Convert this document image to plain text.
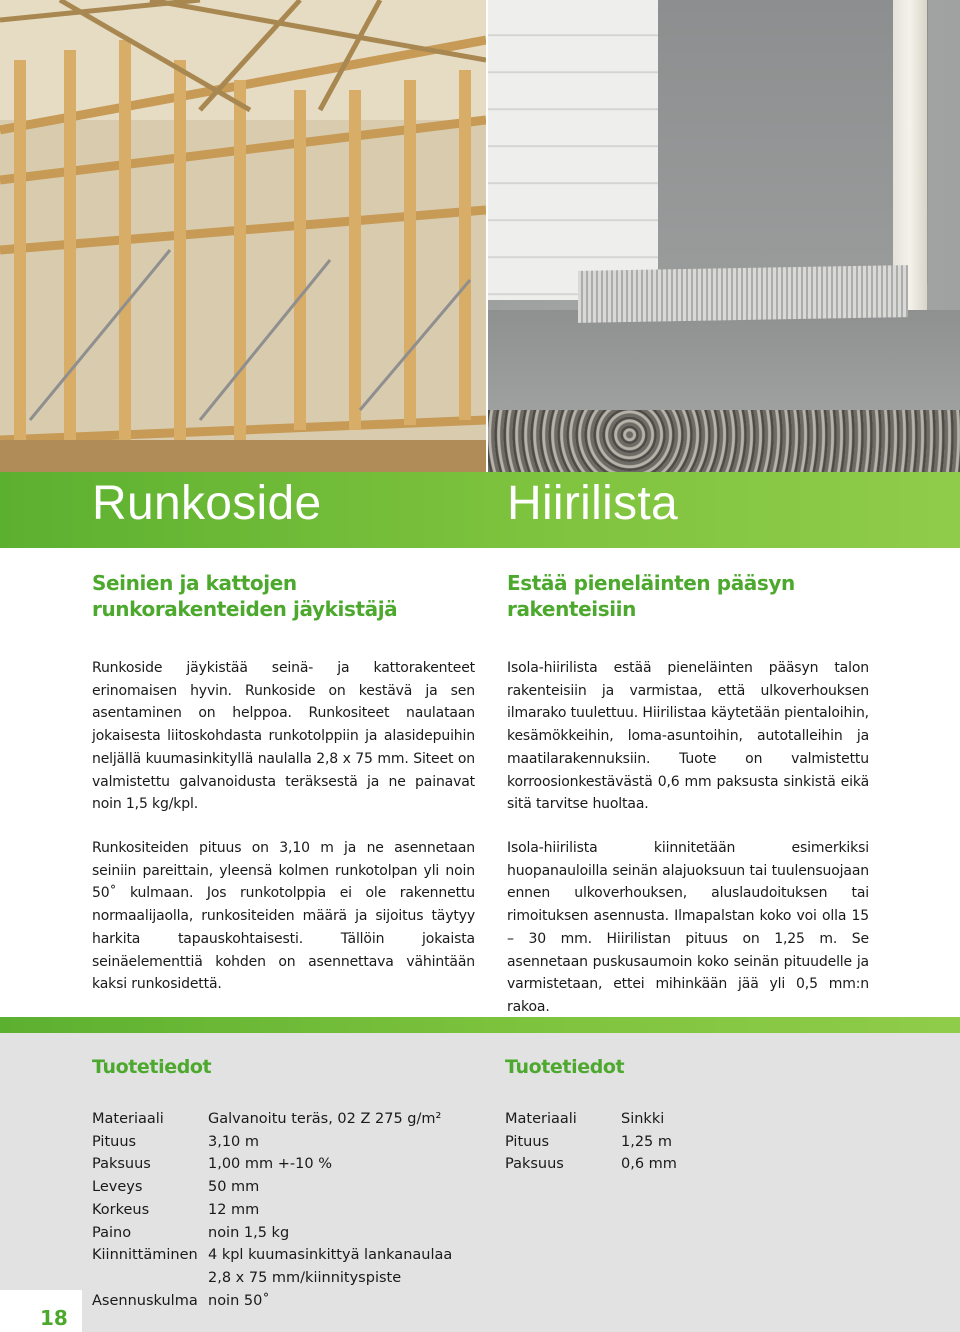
Runkoside	Hiirilista
Seinien ja kattojen runkorakenteiden jäykistäjä
Estää pieneläinten pääsyn rakenteisiin

Runkoside jäykistää seinä- ja kattorakenteet erinomaisen hyvin. Runkoside on kestävä ja sen asentaminen on helppoa. Runkositeet naulataan jokaisesta liitoskohdasta runkotolppiin ja alasidepuihin neljällä kuumasinkityllä naulalla 2,8 x 75 mm. Siteet on valmistettu galvanoidusta teräksestä ja ne painavat noin 1,5 kg/kpl.

Runkositeiden pituus on 3,10 m ja ne asennetaan seiniin pareittain, yleensä kolmen runkotolpan yli noin 50˚ kulmaan. Jos runkotolppia ei ole rakennettu normaalijaolla, runkositeiden määrä ja sijoitus täytyy harkita tapauskohtaisesti. Tällöin jokaista seinäelementtiä kohden on asennettava vähintään kaksi runkosidettä.

Isola-hiirilista estää pieneläinten pääsyn talon rakenteisiin ja varmistaa, että ulkoverhouksen ilmarako tuulettuu. Hiirilistaa käytetään pientaloihin, kesämökkeihin, loma-asuntoihin, autotalleihin ja maatilarakennuksiin. Tuote on valmistettu korroosionkestävästä 0,6 mm paksusta sinkistä eikä sitä tarvitse huoltaa.

Isola-hiirilista kiinnitetään esimerkiksi huopanauloilla seinän alajuoksuun tai tuulensuojaan ennen ulkoverhouksen, aluslaudoituksen tai rimoituksen asennusta. Ilmapalstan koko voi olla 15 – 30 mm. Hiirilistan pituus on 1,25 m. Se asennetaan puskusaumoin koko seinän pituudelle ja varmistetaan, ettei mihinkään jää yli 0,5 mm:n rakoa.

Tuotetiedot	Tuotetiedot
Materiaali	Galvanoitu teräs, 02 Z 275 g/m²
Pituus	3,10 m
Paksuus	1,00 mm +-10 %
Leveys	50 mm
Korkeus	12 mm
Paino	noin 1,5 kg
Kiinnittäminen 4 kpl kuumasinkittyä lankanaulaa
2,8 x 75 mm/kiinnityspiste
Asennuskulma noin 50˚
Materiaali	Sinkki
Pituus	1,25 m
Paksuus	0,6 mm
18
